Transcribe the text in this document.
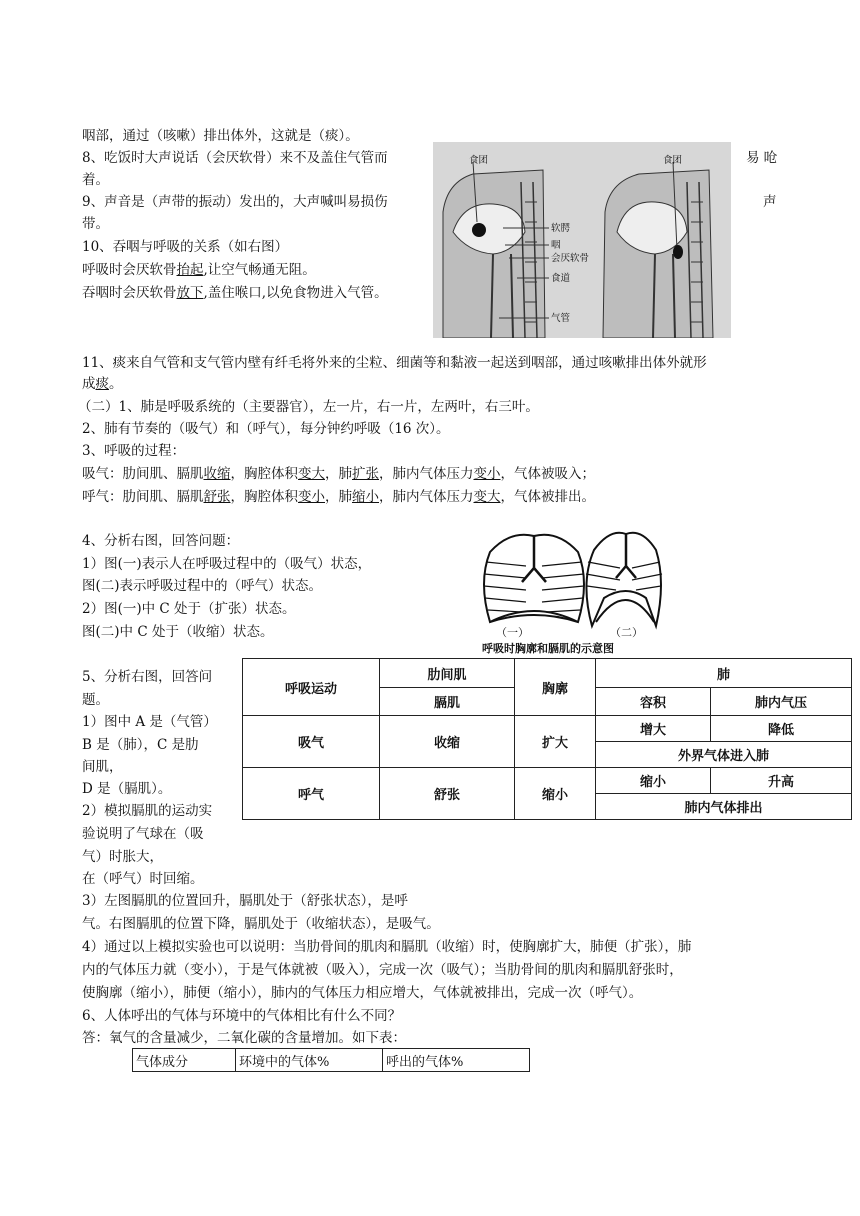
咽部，通过（咳嗽）排出体外，这就是（痰）。
8、吃饭时大声说话（会厌软骨）来不及盖住气管而	易 呛
着。
9、声音是（声带的振动）发出的，大声喊叫易损伤	声
带。
10、吞咽与呼吸的关系（如右图）
呼吸时会厌软骨抬起,让空气畅通无阻。
吞咽时会厌软骨放下,盖住喉口,以免食物进入气管。
食团	食团
软腭
咽
会厌软骨
食道
气管
11、痰来自气管和支气管内壁有纤毛将外来的尘粒、细菌等和黏液一起送到咽部，通过咳嗽排出体外就形
成痰。
（二）1、肺是呼吸系统的（主要器官），左一片，右一片，左两叶，右三叶。
2、肺有节奏的（吸气）和（呼气），每分钟约呼吸（16 次）。
3、呼吸的过程：
吸气：肋间肌、膈肌收缩，胸腔体积变大，肺扩张，肺内气体压力变小，气体被吸入；
呼气：肋间肌、膈肌舒张，胸腔体积变小，肺缩小，肺内气体压力变大，气体被排出。
4、分析右图，回答问题：
1）图(一)表示人在呼吸过程中的（吸气）状态，
图(二)表示呼吸过程中的（呼气）状态。
2）图(一)中 C 处于（扩张）状态。
图(二)中 C 处于（收缩）状态。	（一）	（二）
呼吸时胸廓和膈肌的示意图
5、分析右图，回答问
题。
1）图中 A 是（气管）
B 是（肺），C 是肋
间肌，
D 是（膈肌）。
2）模拟膈肌的运动实
验说明了气球在（吸
气）时胀大，
在（呼气）时回缩。
呼吸运动	肋间肌	胸廓	肺	
	膈肌		容积	肺内气压
吸气	收缩	扩大	增大	降低
			外界气体进入肺	
呼气	舒张	缩小	缩小	升高
			肺内气体排出	
3）左图膈肌的位置回升，膈肌处于（舒张状态），是呼
气。右图膈肌的位置下降，膈肌处于（收缩状态），是吸气。
4）通过以上模拟实验也可以说明：当肋骨间的肌肉和膈肌（收缩）时，使胸廓扩大，肺便（扩张），肺
内的气体压力就（变小），于是气体就被（吸入），完成一次（吸气）；当肋骨间的肌肉和膈肌舒张时，
使胸廓（缩小），肺便（缩小），肺内的气体压力相应增大，气体就被排出，完成一次（呼气）。
6、人体呼出的气体与环境中的气体相比有什么不同？
答：氧气的含量减少，二氧化碳的含量增加。如下表：
气体成分	环境中的气体%	呼出的气体%
